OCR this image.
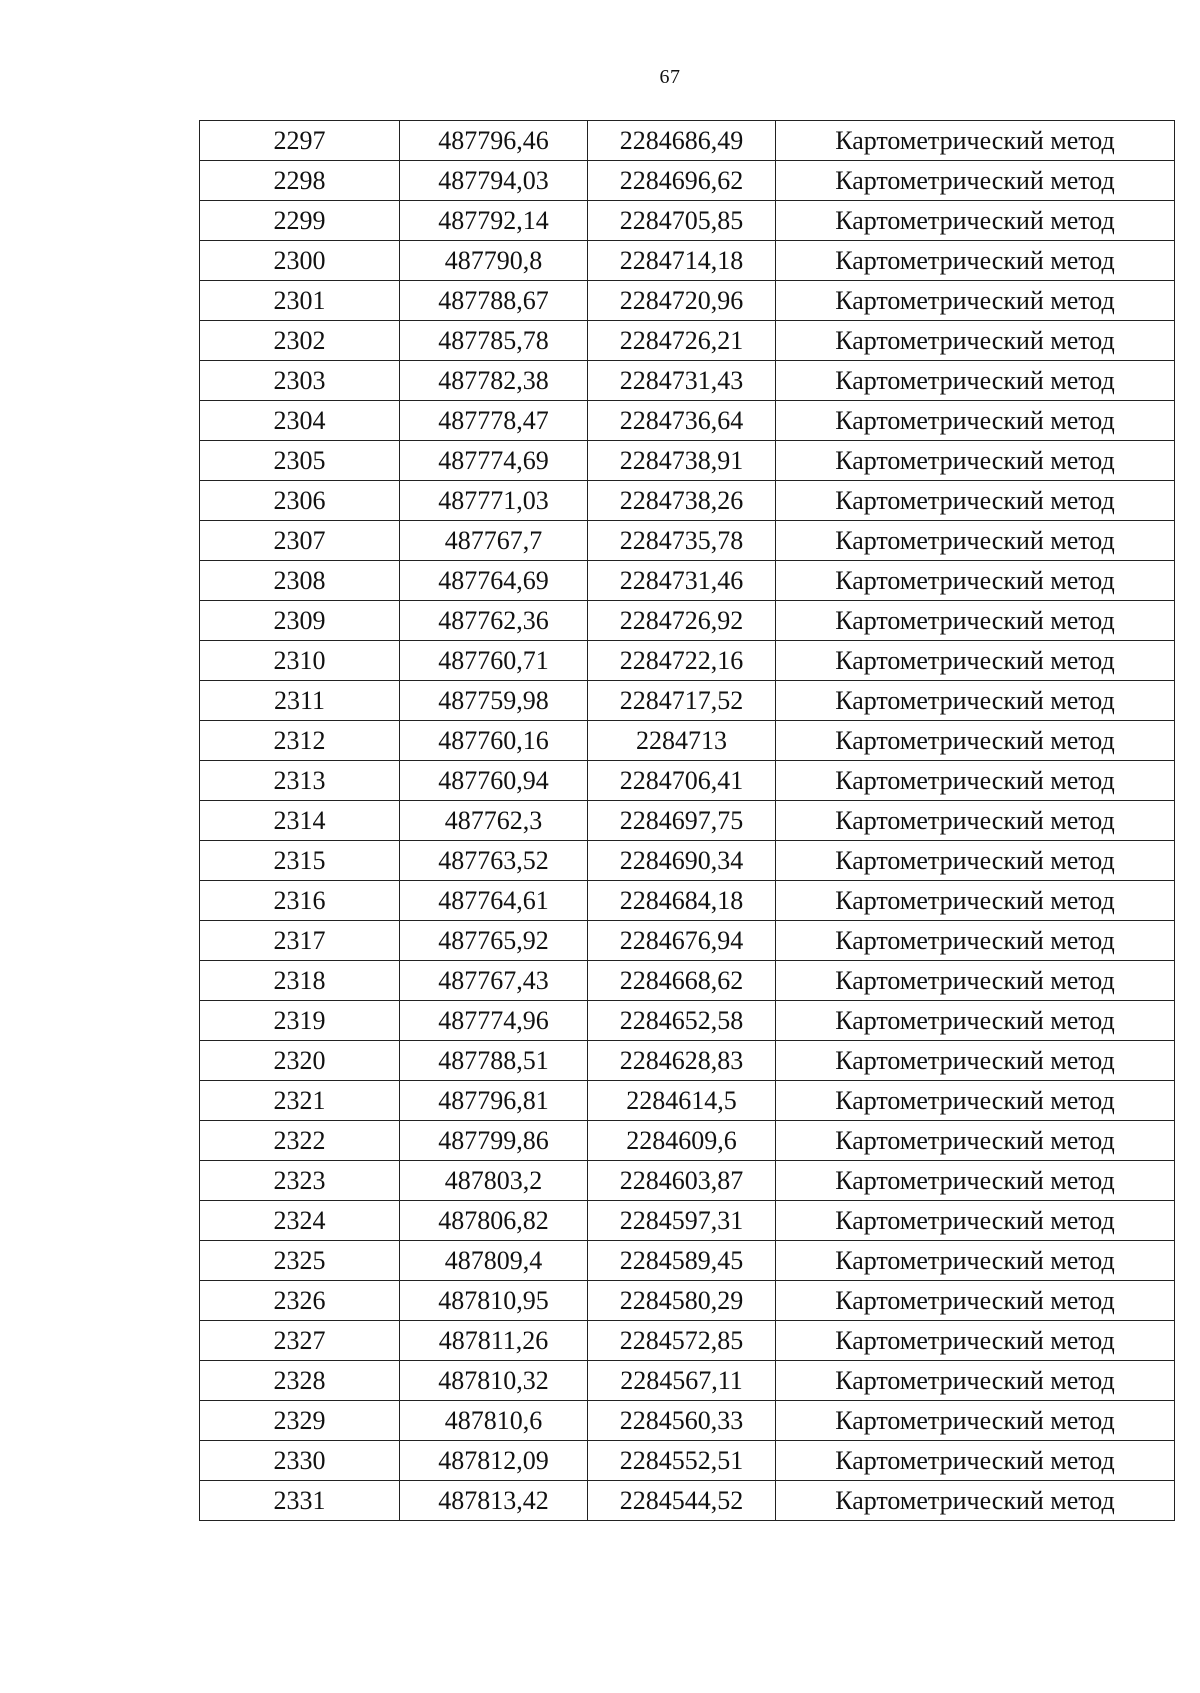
67
2297	487796,46	2284686,49	Картометрический метод
2298	487794,03	2284696,62	Картометрический метод
2299	487792,14	2284705,85	Картометрический метод
2300	487790,8	2284714,18	Картометрический метод
2301	487788,67	2284720,96	Картометрический метод
2302	487785,78	2284726,21	Картометрический метод
2303	487782,38	2284731,43	Картометрический метод
2304	487778,47	2284736,64	Картометрический метод
2305	487774,69	2284738,91	Картометрический метод
2306	487771,03	2284738,26	Картометрический метод
2307	487767,7	2284735,78	Картометрический метод
2308	487764,69	2284731,46	Картометрический метод
2309	487762,36	2284726,92	Картометрический метод
2310	487760,71	2284722,16	Картометрический метод
2311	487759,98	2284717,52	Картометрический метод
2312	487760,16	2284713	Картометрический метод
2313	487760,94	2284706,41	Картометрический метод
2314	487762,3	2284697,75	Картометрический метод
2315	487763,52	2284690,34	Картометрический метод
2316	487764,61	2284684,18	Картометрический метод
2317	487765,92	2284676,94	Картометрический метод
2318	487767,43	2284668,62	Картометрический метод
2319	487774,96	2284652,58	Картометрический метод
2320	487788,51	2284628,83	Картометрический метод
2321	487796,81	2284614,5	Картометрический метод
2322	487799,86	2284609,6	Картометрический метод
2323	487803,2	2284603,87	Картометрический метод
2324	487806,82	2284597,31	Картометрический метод
2325	487809,4	2284589,45	Картометрический метод
2326	487810,95	2284580,29	Картометрический метод
2327	487811,26	2284572,85	Картометрический метод
2328	487810,32	2284567,11	Картометрический метод
2329	487810,6	2284560,33	Картометрический метод
2330	487812,09	2284552,51	Картометрический метод
2331	487813,42	2284544,52	Картометрический метод
